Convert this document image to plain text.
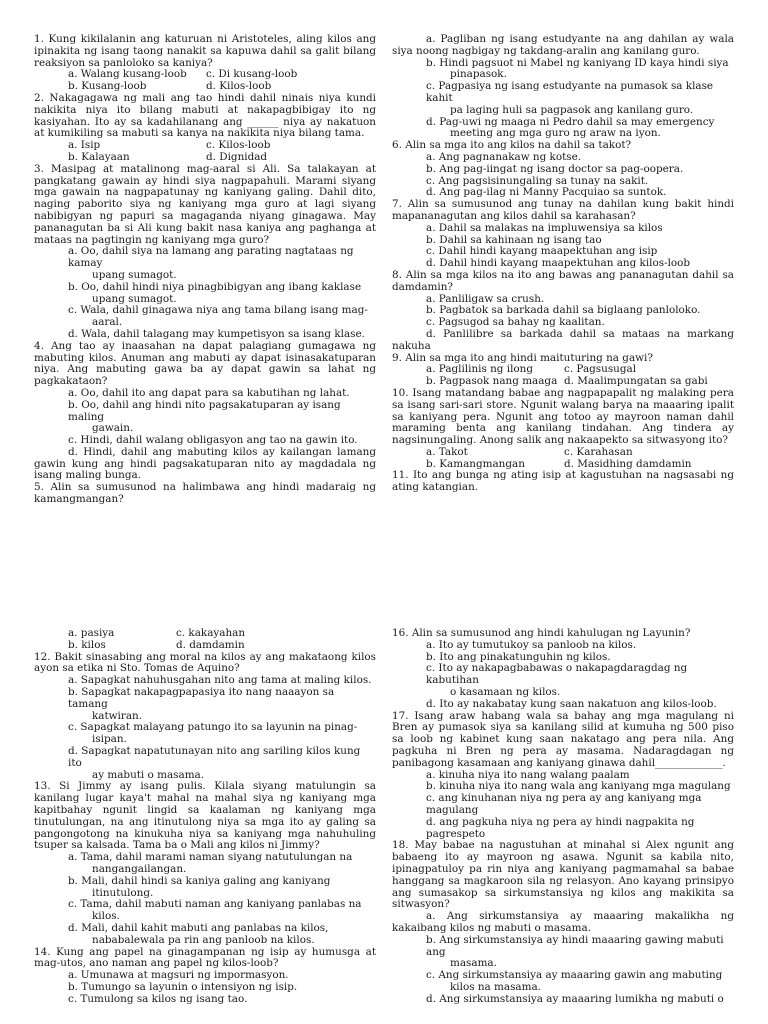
1. Kung kikilalanin ang katuruan ni Aristoteles, aling kilos ang ipinakita ng isang taong nanakit sa kapuwa dahil sa galit bilang reaksiyon sa panloloko sa kaniya?

a. Walang kusang-loob c. Di kusang-loob

b. Kusang-loob	d. Kilos-loob

2. Nakagagawa ng mali ang tao hindi dahil ninais niya kundi nakikita niya ito bilang mabuti at nakapagbibigay ito ng kasiyahan. Ito ay sa kadahilanang ang ______ niya ay nakatuon at kumikiling sa mabuti sa kanya na nakikita niya bilang tama.

a. Isip	c. Kilos-loob

b. Kalayaan	d. Dignidad

3. Masipag at matalinong mag-aaral si Ali. Sa talakayan at pangkatang gawain ay hindi siya nagpapahuli. Marami siyang mga gawain na nagpapatunay ng kaniyang galing. Dahil dito, naging paborito siya ng kaniyang mga guro at lagi siyang nabibigyan ng papuri sa magaganda niyang ginagawa. May pananagutan ba si Ali kung bakit nasa kaniya ang paghanga at mataas na pagtingin ng kaniyang mga guro?

a. Oo, dahil siya na lamang ang parating nagtataas ng kamay

upang sumagot.

b. Oo, dahil hindi niya pinagbibigyan ang ibang kaklase

upang sumagot.

c. Wala, dahil ginagawa niya ang tama bilang isang mag-

aaral.

d. Wala, dahil talagang may kumpetisyon sa isang klase.

4. Ang tao ay inaasahan na dapat palagiang gumagawa ng mabuting kilos. Anuman ang mabuti ay dapat isinasakatuparan niya. Ang mabuting gawa ba ay dapat gawin sa lahat ng pagkakataon?

a. Oo, dahil ito ang dapat para sa kabutihan ng lahat.

b. Oo, dahil ang hindi nito pagsakatuparan ay isang maling

gawain.

c. Hindi, dahil walang obligasyon ang tao na gawin ito.

d. Hindi, dahil ang mabuting kilos ay kailangan lamang gawin kung ang hindi pagsakatuparan nito ay magdadala ng isang maling bunga.

5. Alin sa sumusunod na halimbawa ang hindi madaraig ng kamangmangan?

a. Pagliban ng isang estudyante na ang dahilan ay wala siya noong nagbigay ng takdang-aralin ang kanilang guro.

b. Hindi pagsuot ni Mabel ng kaniyang ID kaya hindi siya

pinapasok.

c. Pagpasiya ng isang estudyante na pumasok sa klase kahit

pa laging huli sa pagpasok ang kanilang guro.

d. Pag-uwi ng maaga ni Pedro dahil sa may emergency

meeting ang mga guro ng araw na iyon.

6. Alin sa mga ito ang kilos na dahil sa takot?

a. Ang pagnanakaw ng kotse.

b. Ang pag-iingat ng isang doctor sa pag-oopera.

c. Ang pagsisinungaling sa tunay na sakit.

d. Ang pag-ilag ni Manny Pacquiao sa suntok.

7. Alin sa sumusunod ang tunay na dahilan kung bakit hindi mapananagutan ang kilos dahil sa karahasan?

a. Dahil sa malakas na impluwensiya sa kilos

b. Dahil sa kahinaan ng isang tao

c. Dahil hindi kayang maapektuhan ang isip

d. Dahil hindi kayang maapektuhan ang kilos-loob

8. Alin sa mga kilos na ito ang bawas ang pananagutan dahil sa damdamin?

a. Panliligaw sa crush.

b. Pagbatok sa barkada dahil sa biglaang panloloko.

c. Pagsugod sa bahay ng kaalitan.

d. Panlilibre sa barkada dahil sa mataas na markang nakuha

9. Alin sa mga ito ang hindi maituturing na gawi?

a. Paglilinis ng ilong	c. Pagsusugal

b. Pagpasok nang maaga d. Maalimpungatan sa gabi

10. Isang matandang babae ang nagpapapalit ng malaking pera sa isang sari-sari store. Ngunit walang barya na maaaring ipalit sa kaniyang pera. Ngunit ang totoo ay mayroon naman dahil maraming benta ang kanilang tindahan. Ang tindera ay nagsinungaling. Anong salik ang nakaapekto sa sitwasyong ito?

a. Takot	c. Karahasan

b. Kamangmangan	d. Masidhing damdamin

11. Ito ang bunga ng ating isip at kagustuhan na nagsasabi ng ating katangian.

a. pasiya	c. kakayahan

b. kilos	d. damdamin

12. Bakit sinasabing ang moral na kilos ay ang makataong kilos ayon sa etika ni Sto. Tomas de Aquino?

a. Sapagkat nahuhusgahan nito ang tama at maling kilos.

b. Sapagkat nakapagpapasiya ito nang naaayon sa tamang

katwiran.

c. Sapagkat malayang patungo ito sa layunin na pinag-

isipan.

d. Sapagkat napatutunayan nito ang sariling kilos kung ito

ay mabuti o masama.

13. Si Jimmy ay isang pulis. Kilala siyang matulungin sa kanilang lugar kaya't mahal na mahal siya ng kaniyang mga kapitbahay ngunit lingid sa kaalaman ng kaniyang mga tinutulungan, na ang itinutulong niya sa mga ito ay galing sa pangongotong na kinukuha niya sa kaniyang mga nahuhuling tsuper sa kalsada. Tama ba o Mali ang kilos ni Jimmy?

a. Tama, dahil marami naman siyang natutulungan na

nangangailangan.

b. Mali, dahil hindi sa kaniya galing ang kaniyang

itinutulong.

c. Tama, dahil mabuti naman ang kaniyang panlabas na

kilos.

d. Mali, dahil kahit mabuti ang panlabas na kilos,

nababalewala pa rin ang panloob na kilos.

14. Kung ang papel na ginagampanan ng isip ay humusga at mag-utos, ano naman ang papel ng kilos-loob?

a. Umunawa at magsuri ng impormasyon.

b. Tumungo sa layunin o intensiyon ng isip.

c. Tumulong sa kilos ng isang tao.

16. Alin sa sumusunod ang hindi kahulugan ng Layunin?

a. Ito ay tumutukoy sa panloob na kilos.

b. Ito ang pinakatunguhin ng kilos.

c. Ito ay nakapagbabawas o nakapagdaragdag ng kabutihan

o kasamaan ng kilos.

d. Ito ay nakabatay kung saan nakatuon ang kilos-loob.

17. Isang araw habang wala sa bahay ang mga magulang ni Bren ay pumasok siya sa kanilang silid at kumuha ng 500 piso sa loob ng kabinet kung saan nakatago ang pera nila. Ang pagkuha ni Bren ng pera ay masama. Nadaragdagan ng panibagong kasamaan ang kaniyang ginawa dahil_____________.

a. kinuha niya ito nang walang paalam

b. kinuha niya ito nang wala ang kaniyang mga magulang

c. ang kinuhanan niya ng pera ay ang kaniyang mga

magulang

d. ang pagkuha niya ng pera ay hindi nagpakita ng

pagrespeto

18. May babae na nagustuhan at minahal si Alex ngunit ang babaeng ito ay mayroon ng asawa. Ngunit sa kabila nito, ipinagpatuloy pa rin niya ang kaniyang pagmamahal sa babae hanggang sa magkaroon sila ng relasyon. Ano kayang prinsipyo ang sumasakop sa sirkumstansiya ng kilos ang makikita sa sitwasyon?

a. Ang sirkumstansiya ay maaaring makalikha ng kakaibang kilos ng mabuti o masama.

b. Ang sirkumstansiya ay hindi maaaring gawing mabuti ang

masama.

c. Ang sirkumstansiya ay maaaring gawin ang mabuting

kilos na masama.

d. Ang sirkumstansiya ay maaaring lumikha ng mabuti o
